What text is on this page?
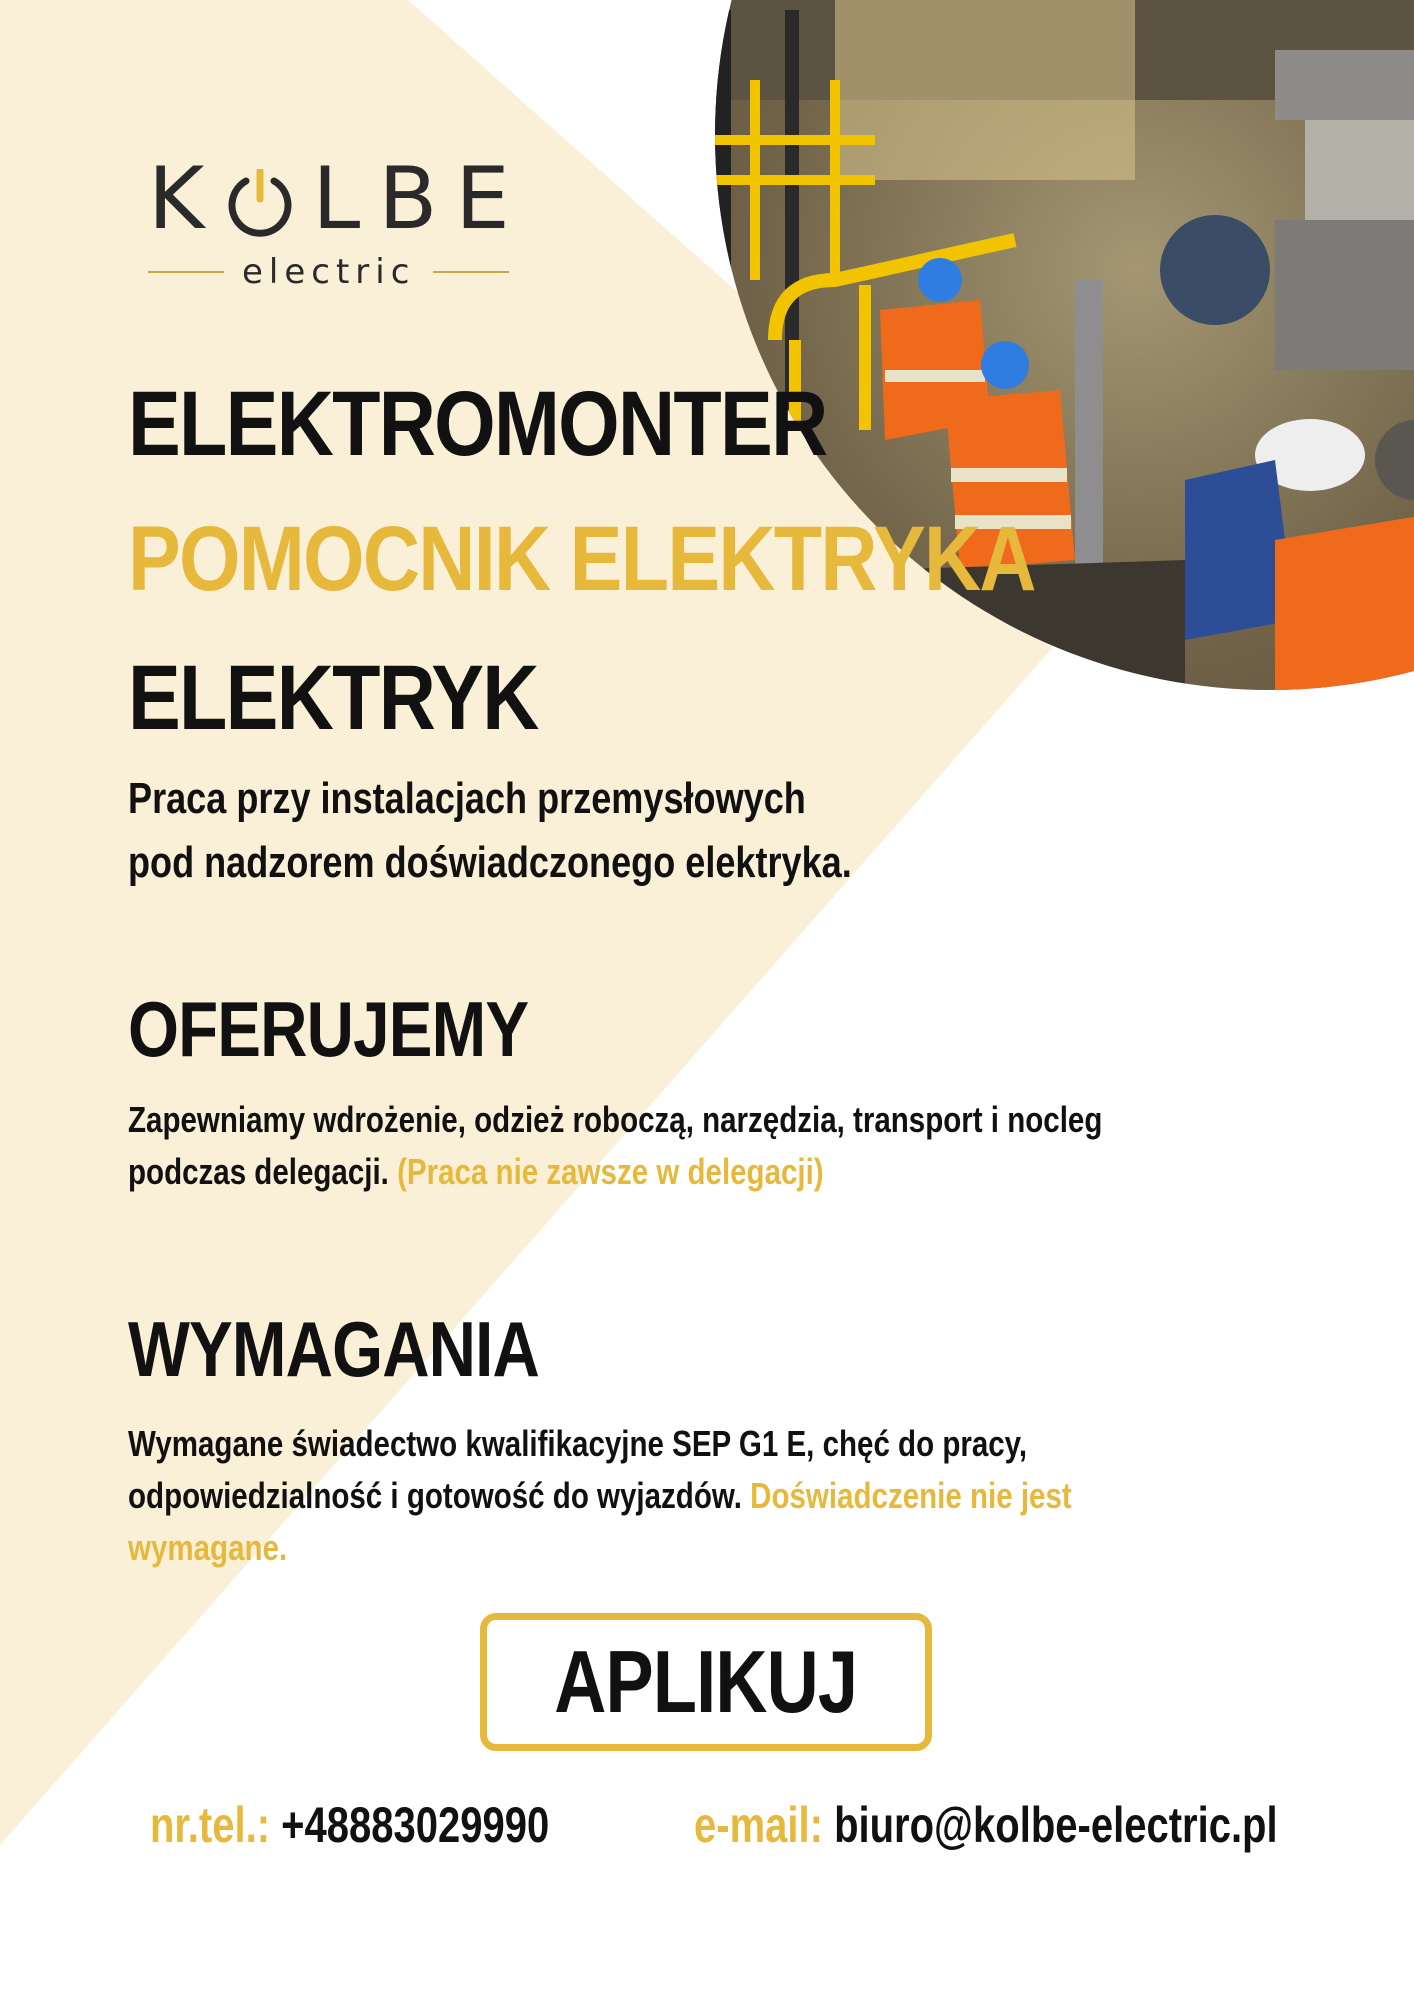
K LBE
electric
ELEKTROMONTER
POMOCNIK ELEKTRYKA
ELEKTRYK
Praca przy instalacjach przemysłowych
pod nadzorem doświadczonego elektryka.
OFERUJEMY
Zapewniamy wdrożenie, odzież roboczą, narzędzia, transport i nocleg
podczas delegacji. (Praca nie zawsze w delegacji)
WYMAGANIA
Wymagane świadectwo kwalifikacyjne SEP G1 E, chęć do pracy,
odpowiedzialność i gotowość do wyjazdów. Doświadczenie nie jest
wymagane.
APLIKUJ
nr.tel.: +48883029990	e-mail: biuro@kolbe-electric.pl
